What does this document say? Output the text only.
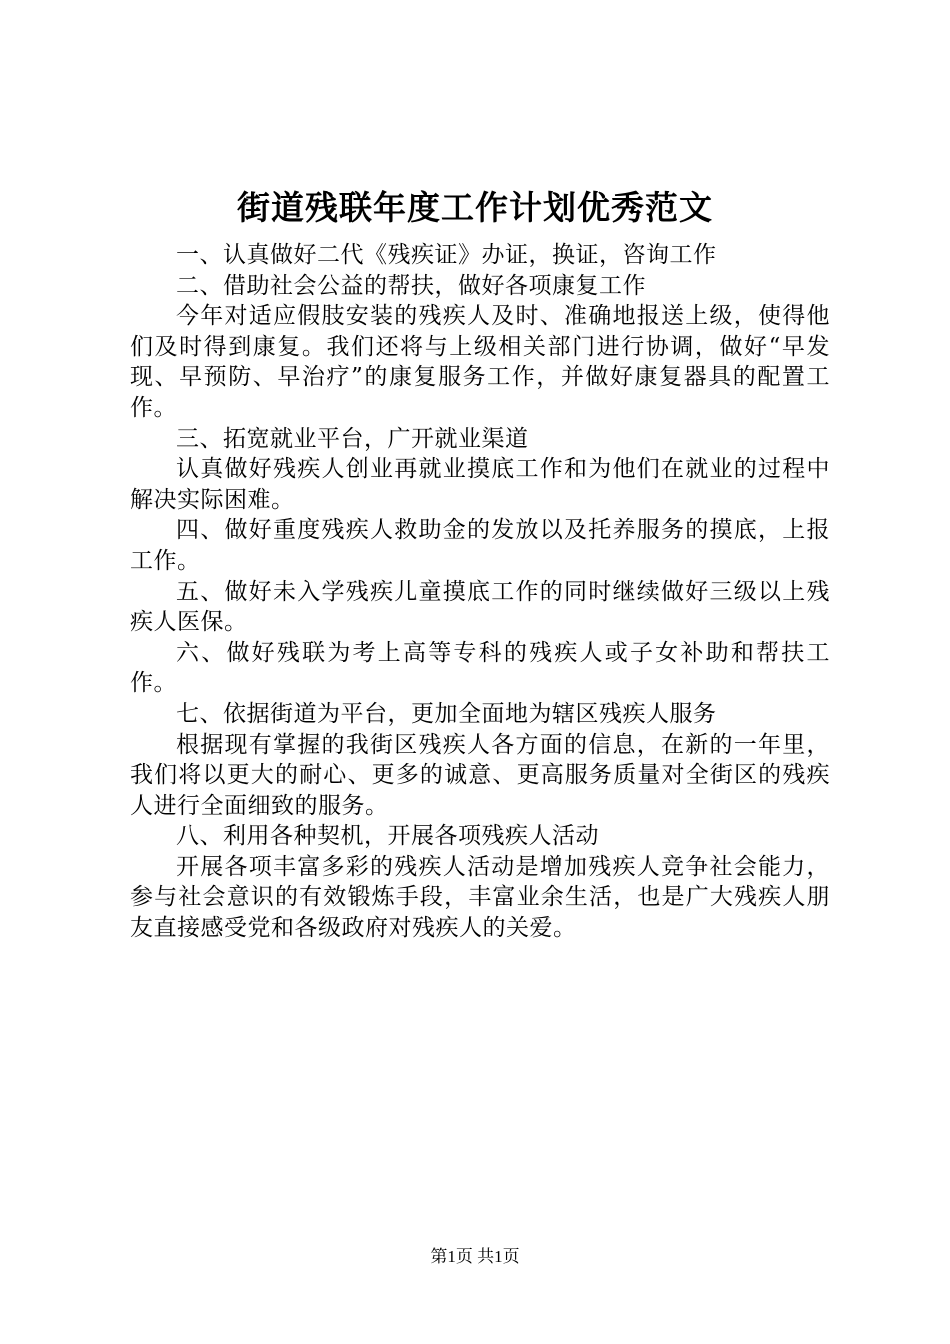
街道残联年度工作计划优秀范文

一、认真做好二代《残疾证》办证，换证，咨询工作

二、借助社会公益的帮扶，做好各项康复工作

今年对适应假肢安装的残疾人及时、准确地报送上级，使得他们及时得到康复。我们还将与上级相关部门进行协调，做好“早发现、早预防、早治疗”的康复服务工作，并做好康复器具的配置工作。

三、拓宽就业平台，广开就业渠道

认真做好残疾人创业再就业摸底工作和为他们在就业的过程中解决实际困难。

四、做好重度残疾人救助金的发放以及托养服务的摸底，上报工作。

五、做好未入学残疾儿童摸底工作的同时继续做好三级以上残疾人医保。

六、做好残联为考上高等专科的残疾人或子女补助和帮扶工作。

七、依据街道为平台，更加全面地为辖区残疾人服务

根据现有掌握的我街区残疾人各方面的信息，在新的一年里，我们将以更大的耐心、更多的诚意、更高服务质量对全街区的残疾人进行全面细致的服务。

八、利用各种契机，开展各项残疾人活动

开展各项丰富多彩的残疾人活动是增加残疾人竞争社会能力，参与社会意识的有效锻炼手段，丰富业余生活，也是广大残疾人朋友直接感受党和各级政府对残疾人的关爱。

第1页 共1页
